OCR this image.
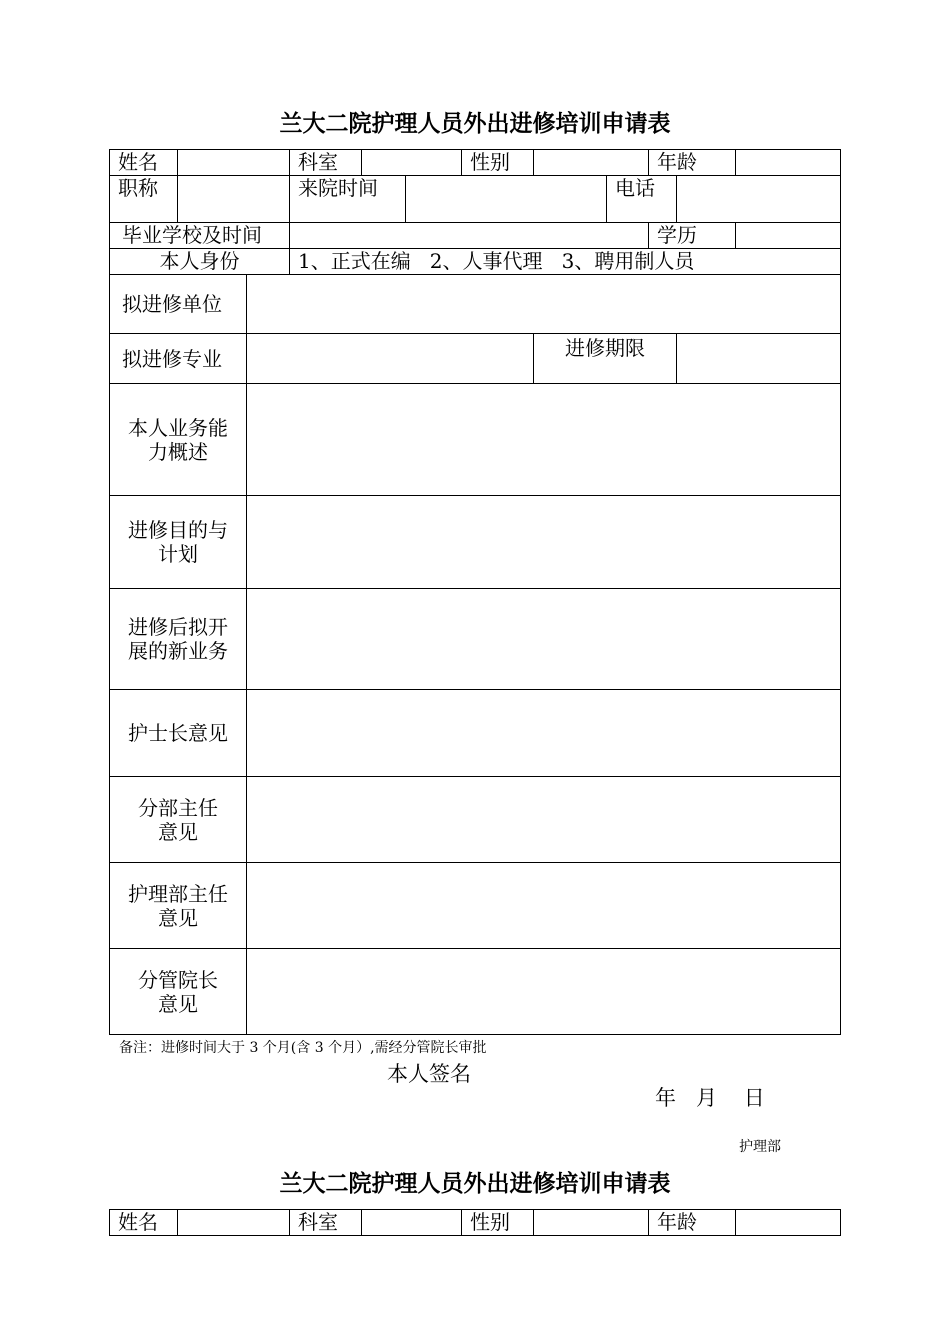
兰大二院护理人员外出进修培训申请表
姓名	科室	性别	年龄
职称	来院时间	电话
毕业学校及时间	学历
本人身份	1、正式在编   2、人事代理   3、聘用制人员
拟进修单位
拟进修专业	进修期限
本人业务能力概述
进修目的与计划
进修后拟开展的新业务
护士长意见
分部主任意见
护理部主任意见
分管院长意见
备注：进修时间大于 3 个月(含 3 个月）,需经分管院长审批
本人签名
年   月    日
护理部
兰大二院护理人员外出进修培训申请表
姓名	科室	性别	年龄
